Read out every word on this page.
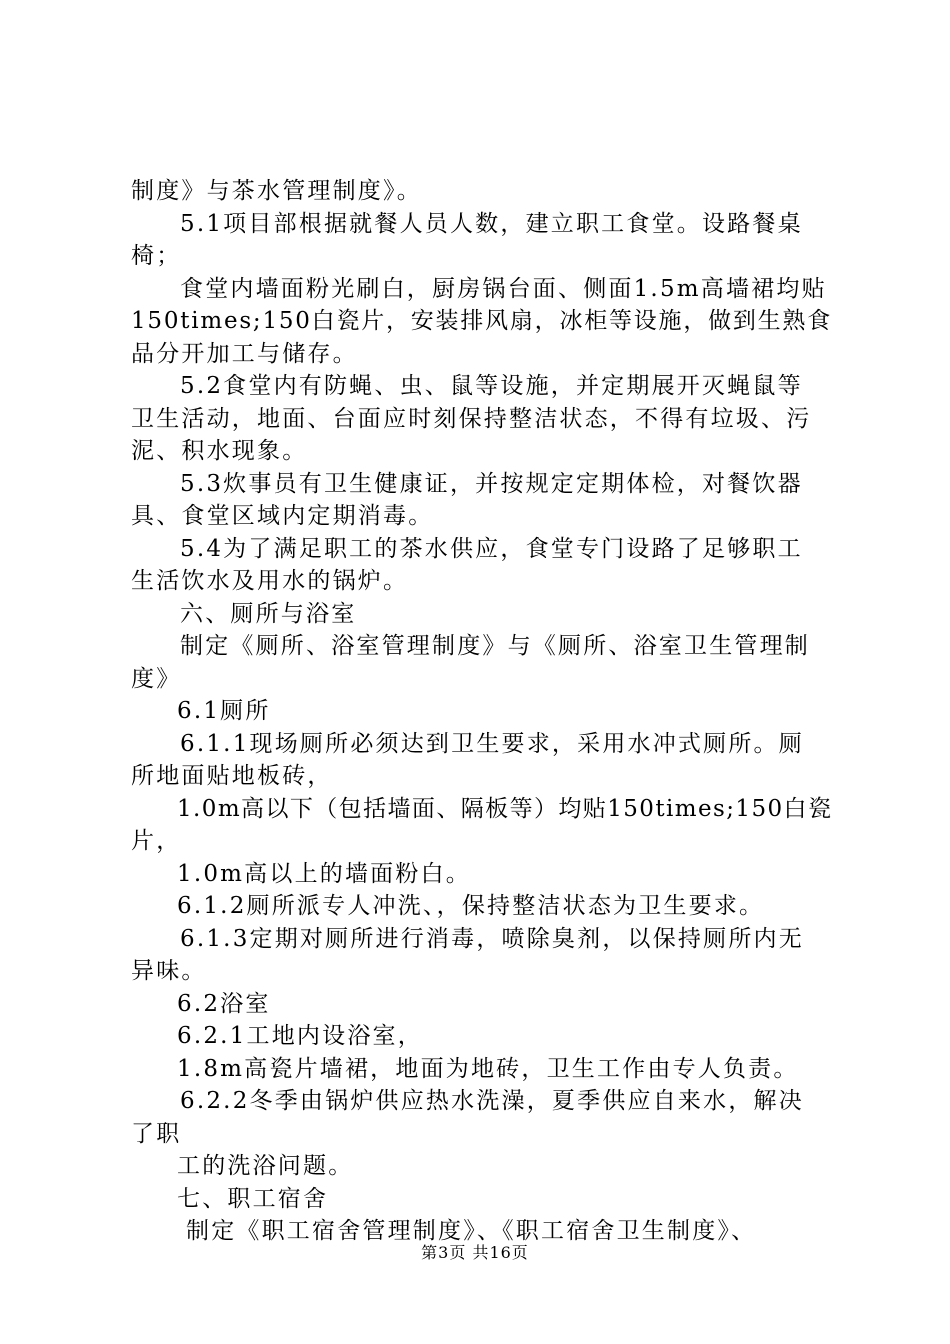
制度》与茶水管理制度》。
5.1项目部根据就餐人员人数，建立职工食堂。设路餐桌
椅；
食堂内墙面粉光刷白，厨房锅台面、侧面1.5m高墙裙均贴
150times;150白瓷片，安装排风扇，冰柜等设施，做到生熟食
品分开加工与储存。
5.2食堂内有防蝇、虫、鼠等设施，并定期展开灭蝇鼠等
卫生活动，地面、台面应时刻保持整洁状态，不得有垃圾、污
泥、积水现象。
5.3炊事员有卫生健康证，并按规定定期体检，对餐饮器
具、食堂区域内定期消毒。
5.4为了满足职工的茶水供应，食堂专门设路了足够职工
生活饮水及用水的锅炉。
六、厕所与浴室
制定《厕所、浴室管理制度》与《厕所、浴室卫生管理制
度》
6.1厕所
6.1.1现场厕所必须达到卫生要求，采用水冲式厕所。厕
所地面贴地板砖，
1.0m高以下（包括墙面、隔板等）均贴150times;150白瓷
片，
1.0m高以上的墙面粉白。
6.1.2厕所派专人冲洗、，保持整洁状态为卫生要求。
6.1.3定期对厕所进行消毒，喷除臭剂，以保持厕所内无
异味。
6.2浴室
6.2.1工地内设浴室，
1.8m高瓷片墙裙，地面为地砖，卫生工作由专人负责。
6.2.2冬季由锅炉供应热水洗澡，夏季供应自来水，解决
了职
工的洗浴问题。
七、职工宿舍
制定《职工宿舍管理制度》、《职工宿舍卫生制度》、
第3页 共16页
